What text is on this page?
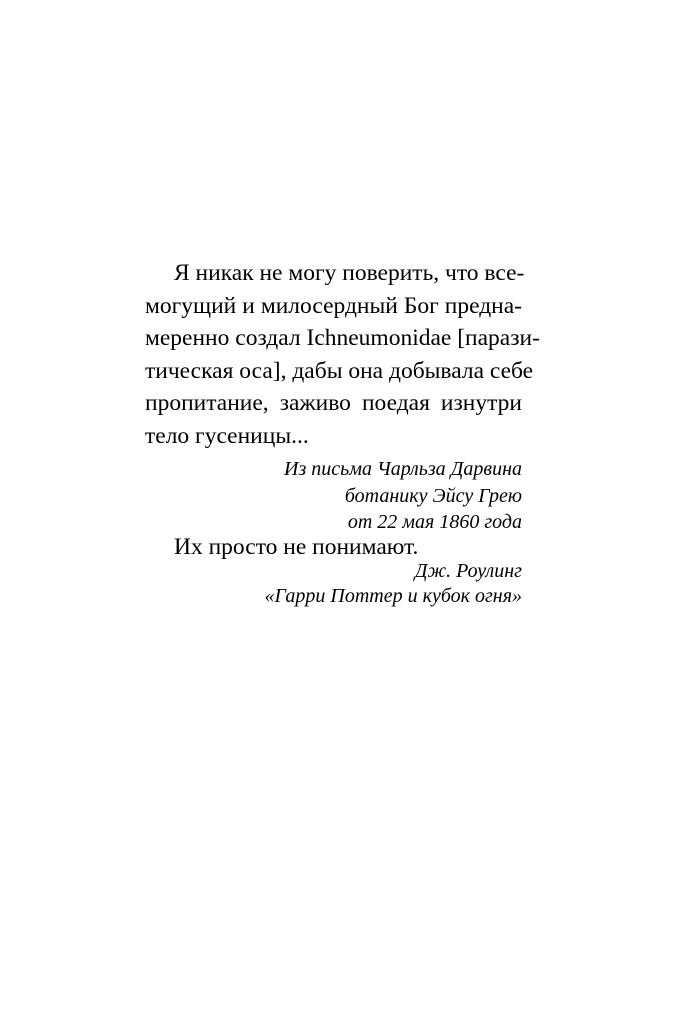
Я никак не могу поверить, что все-
могущий и милосердный Бог предна-
меренно создал Ichneumonidae [парази-
тическая оса], дабы она добывала себе
пропитание, заживо поедая изнутри
тело гусеницы...
Из письма Чарльза Дарвина
ботанику Эйсу Грею
от 22 мая 1860 года
Их просто не понимают.
Дж. Роулинг
«Гарри Поттер и кубок огня»
